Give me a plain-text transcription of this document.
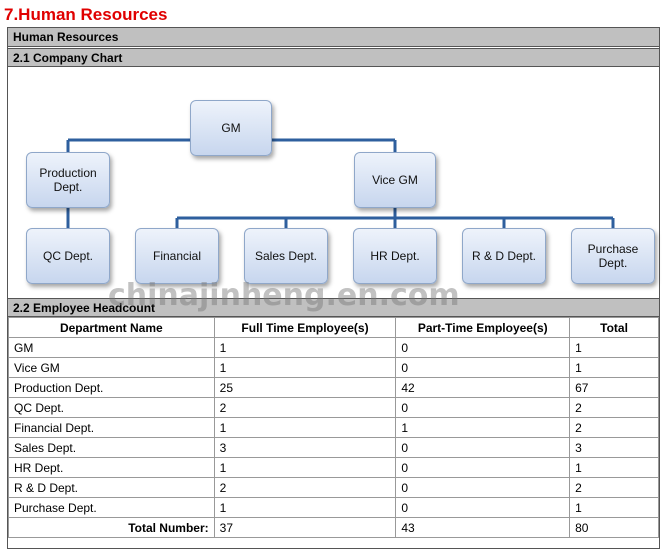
7.Human Resources
Human Resources
2.1 Company Chart
GM
Production
Dept.	Vice GM
QC Dept.	Financial	Sales Dept.	HR Dept.	R & D Dept.	Purchase
Dept.
2.2 Employee Headcount
Department Name	Full Time Employee(s)	Part-Time Employee(s)	Total
GM	1	0	1
Vice GM	1	0	1
Production Dept.	25	42	67
QC Dept.	2	0	2
Financial Dept.	1	1	2
Sales Dept.	3	0	3
HR Dept.	1	0	1
R & D Dept.	2	0	2
Purchase Dept.	1	0	1
Total Number:	37	43	80
chinajinheng.en.com
